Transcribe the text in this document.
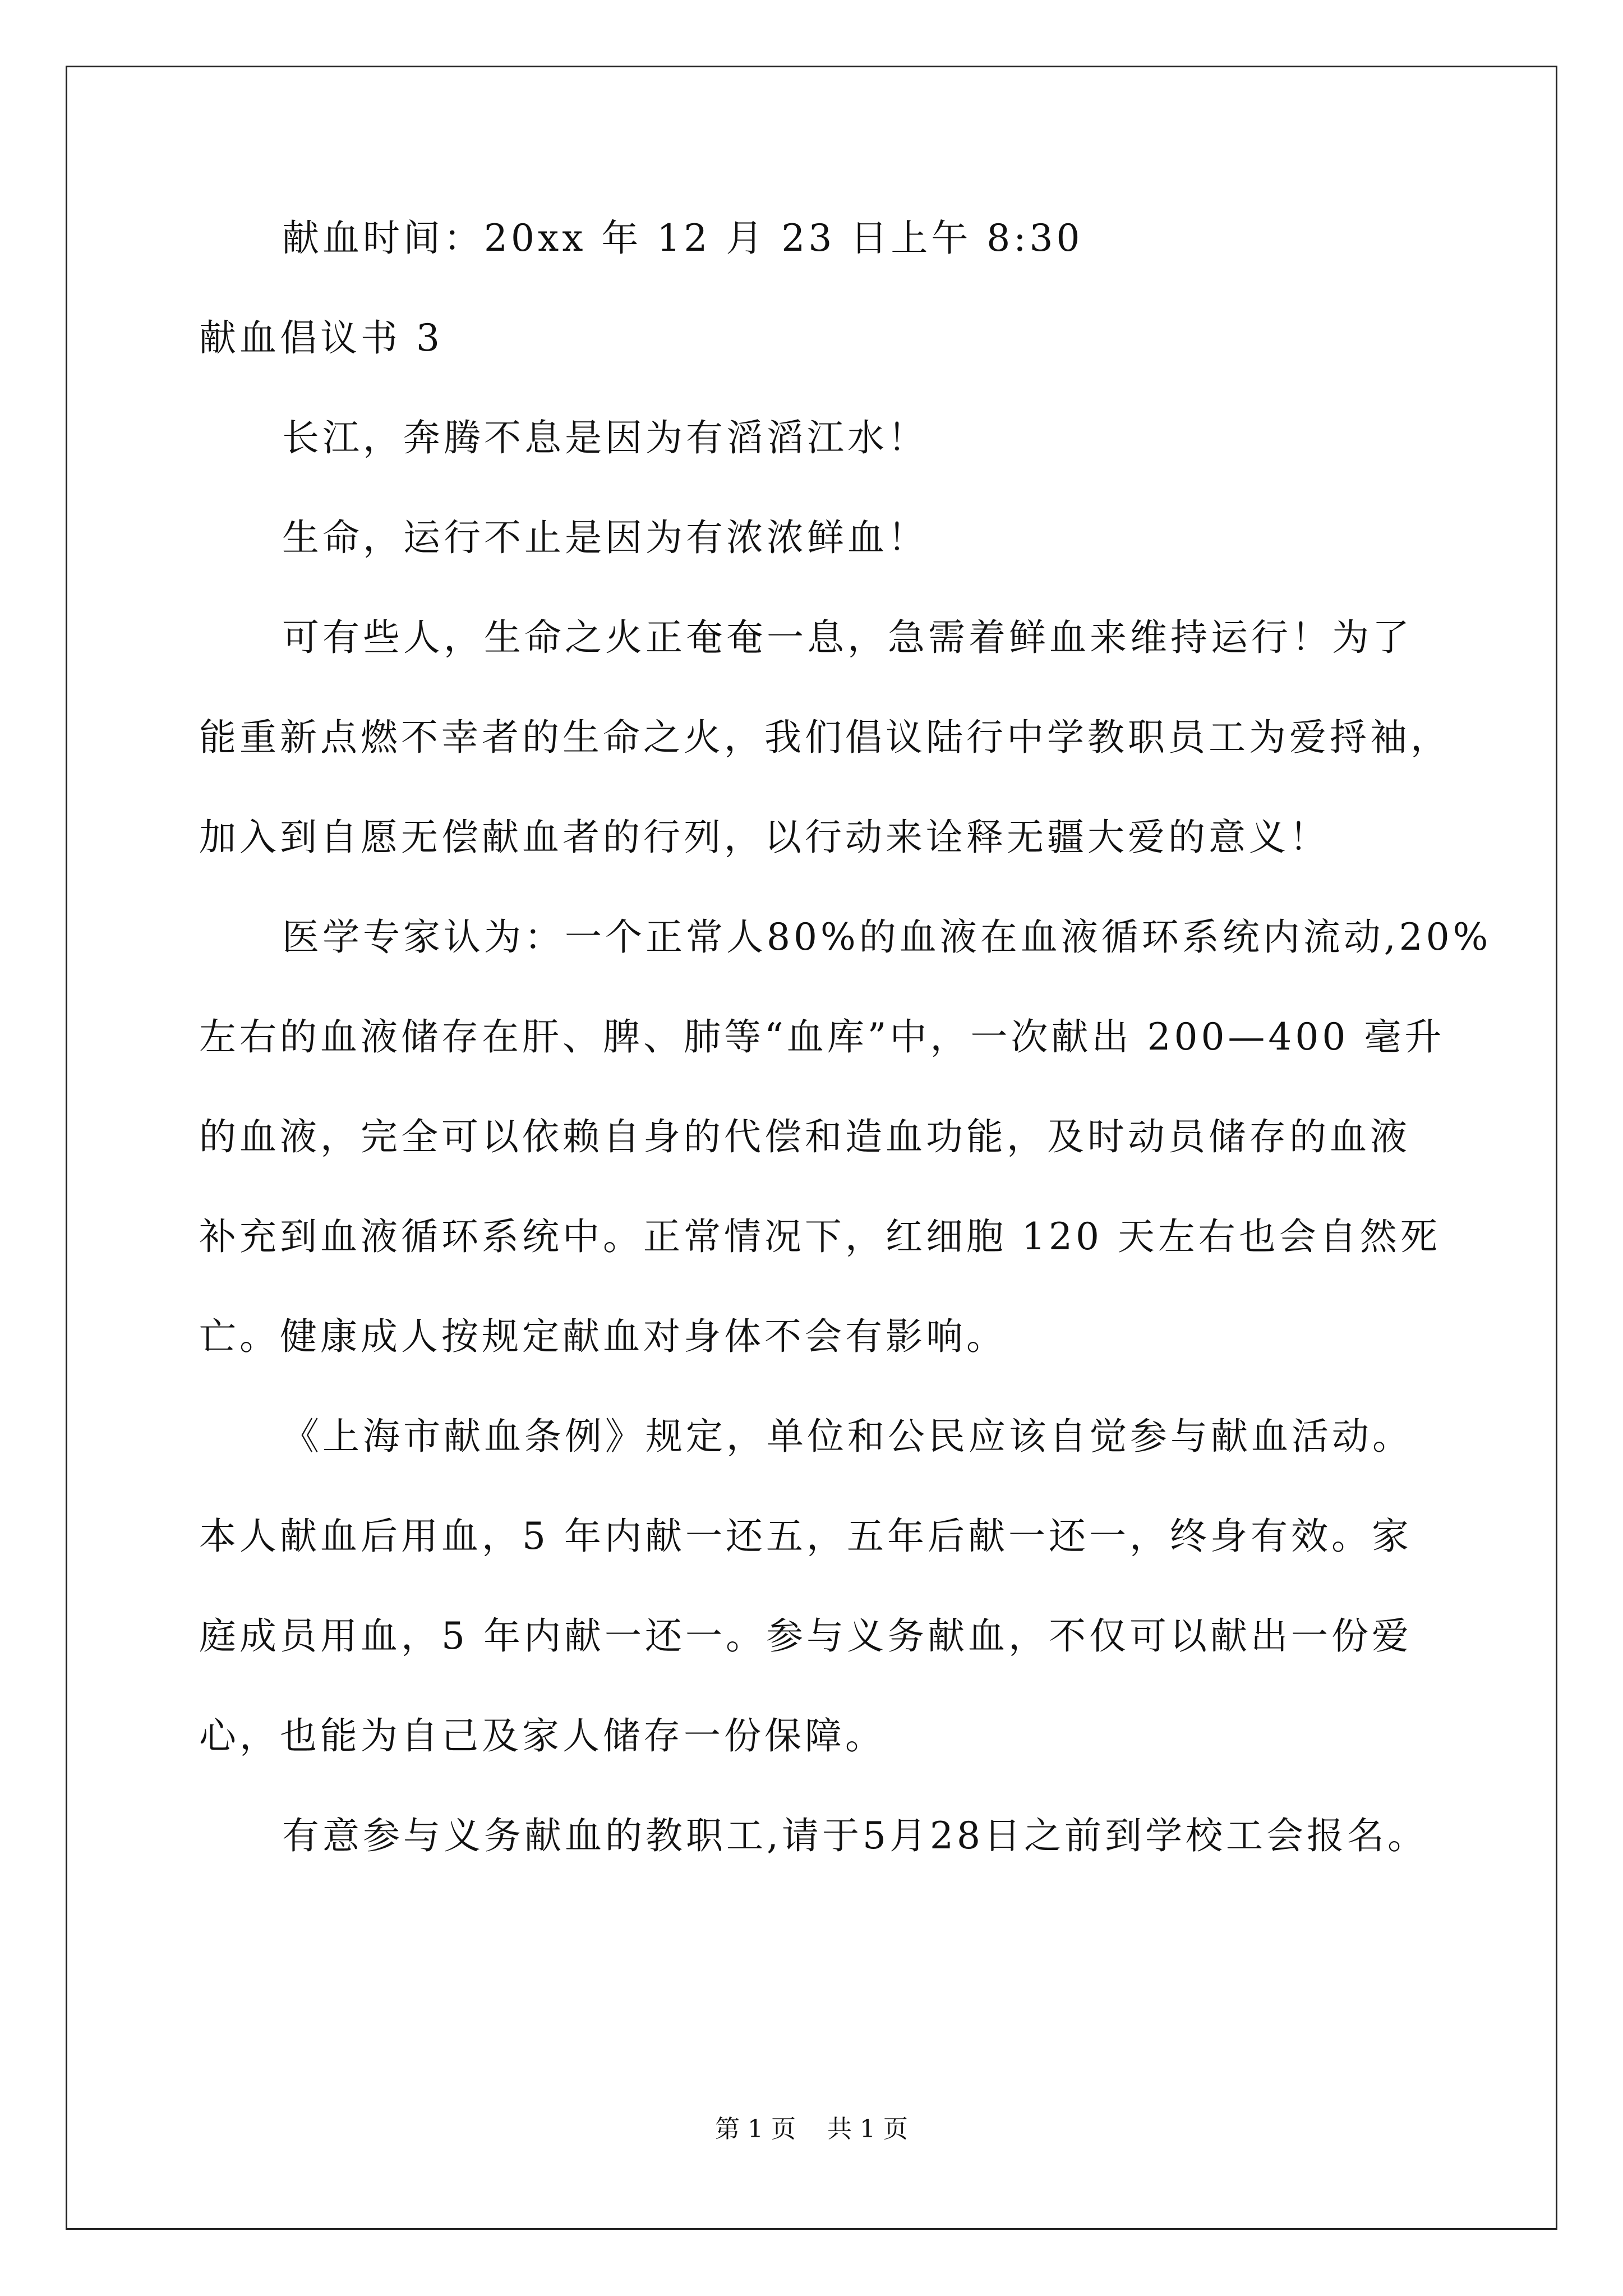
献血时间：20xx 年 12 月 23 日上午 8:30

献血倡议书 3

长江，奔腾不息是因为有滔滔江水！

生命，运行不止是因为有浓浓鲜血！

可有些人，生命之火正奄奄一息，急需着鲜血来维持运行！为了

能重新点燃不幸者的生命之火，我们倡议陆行中学教职员工为爱捋袖，

加入到自愿无偿献血者的行列，以行动来诠释无疆大爱的意义！

医学专家认为：一个正常人80%的血液在血液循环系统内流动,20%

左右的血液储存在肝、脾、肺等“血库”中，一次献出 200—400 毫升

的血液，完全可以依赖自身的代偿和造血功能，及时动员储存的血液

补充到血液循环系统中。正常情况下，红细胞 120 天左右也会自然死

亡。健康成人按规定献血对身体不会有影响。

《上海市献血条例》规定，单位和公民应该自觉参与献血活动。

本人献血后用血，5 年内献一还五，五年后献一还一，终身有效。家

庭成员用血，5 年内献一还一。参与义务献血，不仅可以献出一份爱

心，也能为自己及家人储存一份保障。

有意参与义务献血的教职工,请于5月28日之前到学校工会报名。

第 1 页    共 1 页
